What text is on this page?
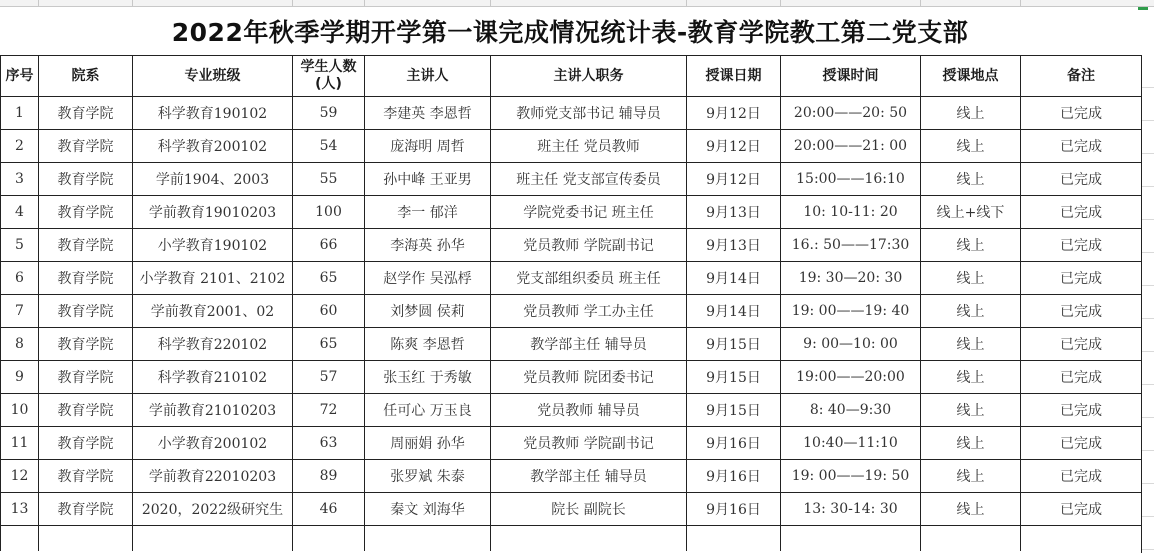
2022年秋季学期开学第一课完成情况统计表-教育学院教工第二党支部
序号	院系	专业班级	学生人数(人)	主讲人	主讲人职务	授课日期	授课时间	授课地点	备注
1	教育学院	科学教育190102	59	李建英 李恩哲	教师党支部书记 辅导员	9月12日	20:00——20: 50	线上	已完成
2	教育学院	科学教育200102	54	庞海明 周哲	班主任 党员教师	9月12日	20:00——21: 00	线上	已完成
3	教育学院	学前1904、2003	55	孙中峰 王亚男	班主任 党支部宣传委员	9月12日	15:00——16:10	线上	已完成
4	教育学院	学前教育19010203	100	李一 郁洋	学院党委书记 班主任	9月13日	10: 10-11: 20	线上+线下	已完成
5	教育学院	小学教育190102	66	李海英 孙华	党员教师 学院副书记	9月13日	16.: 50——17:30	线上	已完成
6	教育学院	小学教育 2101、2102	65	赵学作 吴泓桴	党支部组织委员 班主任	9月14日	19: 30—20: 30	线上	已完成
7	教育学院	学前教育2001、02	60	刘梦圆 侯莉	党员教师 学工办主任	9月14日	19: 00——19: 40	线上	已完成
8	教育学院	科学教育220102	65	陈爽 李恩哲	教学部主任 辅导员	9月15日	9: 00—10: 00	线上	已完成
9	教育学院	科学教育210102	57	张玉红 于秀敏	党员教师 院团委书记	9月15日	19:00——20:00	线上	已完成
10	教育学院	学前教育21010203	72	任可心 万玉良	党员教师 辅导员	9月15日	8: 40—9:30	线上	已完成
11	教育学院	小学教育200102	63	周丽娟 孙华	党员教师 学院副书记	9月16日	10:40—11:10	线上	已完成
12	教育学院	学前教育22010203	89	张罗斌 朱泰	教学部主任 辅导员	9月16日	19: 00——19: 50	线上	已完成
13	教育学院	2020，2022级研究生	46	秦文 刘海华	院长 副院长	9月16日	13: 30-14: 30	线上	已完成
